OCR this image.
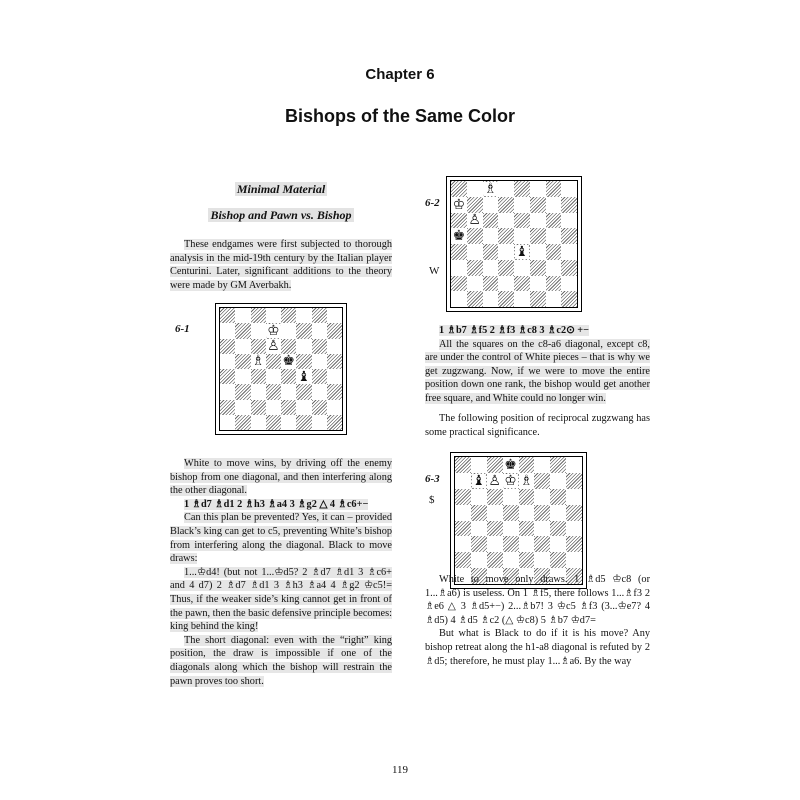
Chapter 6
Bishops of the Same Color
Minimal Material
Bishop and Pawn vs. Bishop

These endgames were first subjected to thorough analysis in the mid-19th century by the Italian player Centurini. Later, significant additions to the theory were made by GM Averbakh.

6-1	♔
♙
♗ ♚
♝

White to move wins, by driving off the enemy bishop from one diagonal, and then interfering along the other diagonal.

1 ♗d7 ♗d1 2 ♗h3 ♗a4 3 ♗g2 △ 4 ♗c6+−

Can this plan be prevented? Yes, it can – provided Black’s king can get to c5, preventing White’s bishop from interfering along the diagonal. Black to move draws:

1...♔d4! (but not 1...♔d5? 2 ♗d7 ♗d1 3 ♗c6+ and 4 d7) 2 ♗d7 ♗d1 3 ♗h3 ♗a4 4 ♗g2 ♔c5!= Thus, if the weaker side’s king cannot get in front of the pawn, then the basic defensive principle becomes: king behind the king!

The short diagonal: even with the “right” king position, the draw is impossible if one of the diagonals along which the bishop will restrain the pawn proves too short.

6-2
W
♗
♔
♙
♚
♝

1 ♗b7 ♗f5 2 ♗f3 ♗c8 3 ♗c2⊙ +−

All the squares on the c8-a6 diagonal, except c8, are under the control of White pieces – that is why we get zugzwang. Now, if we were to move the entire position down one rank, the bishop would get another free square, and White could no longer win.

The following position of reciprocal zugzwang has some practical significance.

6-3
$
♚
♝ ♙ ♔ ♗

White to move only draws. 1 ♗d5 ♔c8 (or 1...♗a6) is useless. On 1 ♗f5, there follows 1...♗f3 2 ♗e6 △ 3 ♗d5+−) 2...♗b7! 3 ♔c5 ♗f3 (3...♔e7? 4 ♗d5) 4 ♗d5 ♗c2 (△ ♔c8) 5 ♗b7 ♔d7=

But what is Black to do if it is his move? Any bishop retreat along the h1-a8 diagonal is refuted by 2 ♗d5; therefore, he must play 1...♗a6. By the way

119
